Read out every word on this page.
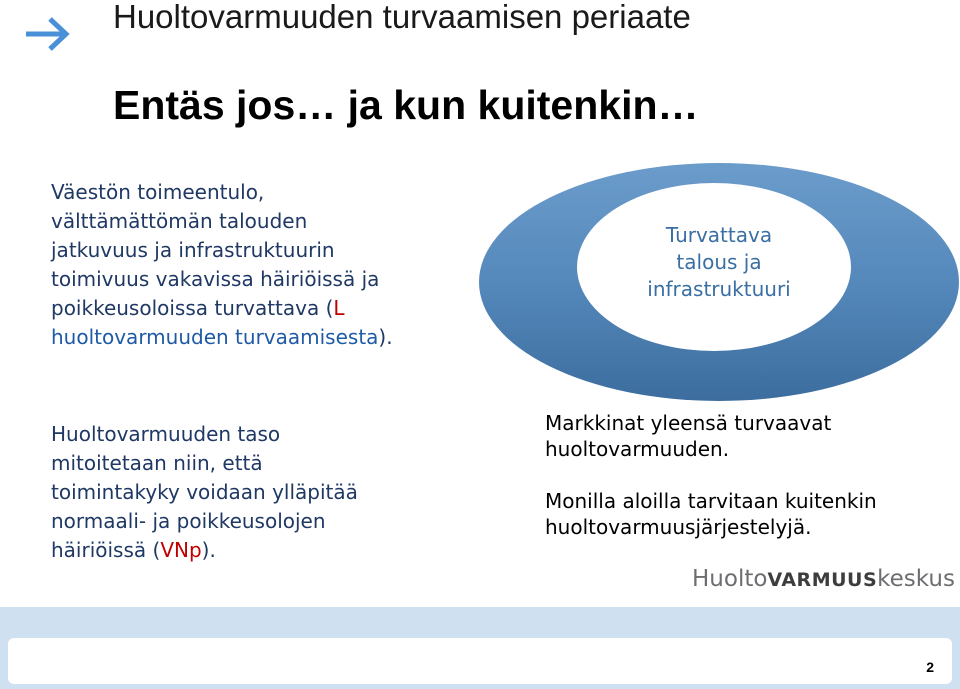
Huoltovarmuuden turvaamisen periaate
Entäs jos… ja kun kuitenkin…
Väestön toimeentulo,
välttämättömän talouden
jatkuvuus ja infrastruktuurin
toimivuus vakavissa häiriöissä ja
poikkeusoloissa turvattava (L
huoltovarmuuden turvaamisesta).
Huoltovarmuuden taso
mitoitetaan niin, että
toimintakyky voidaan ylläpitää
normaali- ja poikkeusolojen
häiriöissä (VNp).
Turvattava
talous ja
infrastruktuuri
Markkinat yleensä turvaavat
huoltovarmuuden.
Monilla aloilla tarvitaan kuitenkin
huoltovarmuusjärjestelyjä.
HuoltoVARMUUSkeskus
2
